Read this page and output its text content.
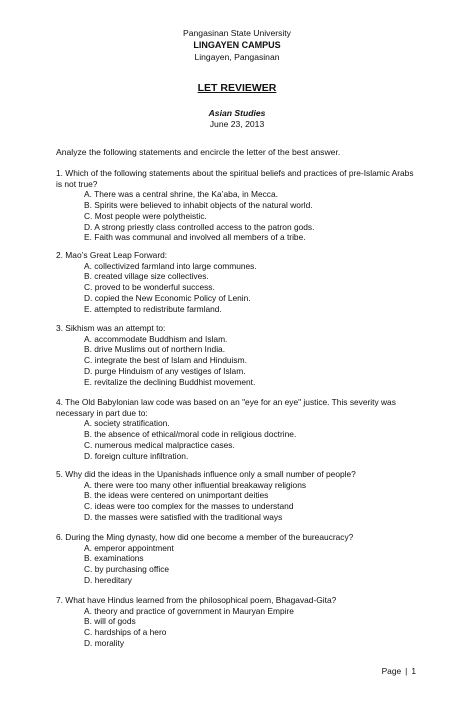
Pangasinan State University
LINGAYEN CAMPUS
Lingayen, Pangasinan
LET REVIEWER
Asian Studies
June 23, 2013
Analyze the following statements and encircle the letter of the best answer.

1. Which of the following statements about the spiritual beliefs and practices of pre-Islamic Arabs is not true?

A. There was a central shrine, the Ka’aba, in Mecca.
B. Spirits were believed to inhabit objects of the natural world.
C. Most people were polytheistic.
D. A strong priestly class controlled access to the patron gods.
E. Faith was communal and involved all members of a tribe.

2. Mao’s Great Leap Forward:

A. collectivized farmland into large communes.
B. created village size collectives.
C. proved to be wonderful success.
D. copied the New Economic Policy of Lenin.
E. attempted to redistribute farmland.

3. Sikhism was an attempt to:

A. accommodate Buddhism and Islam.
B. drive Muslims out of northern India.
C. integrate the best of Islam and Hinduism.
D. purge Hinduism of any vestiges of Islam.
E. revitalize the declining Buddhist movement.

4. The Old Babylonian law code was based on an "eye for an eye" justice. This severity was necessary in part due to:

A. society stratification.
B. the absence of ethical/moral code in religious doctrine.
C. numerous medical malpractice cases.
D. foreign culture infiltration.

5. Why did the ideas in the Upanishads influence only a small number of people?

A. there were too many other influential breakaway religions
B. the ideas were centered on unimportant deities
C. ideas were too complex for the masses to understand
D. the masses were satisfied with the traditional ways

6. During the Ming dynasty, how did one become a member of the bureaucracy?

A. emperor appointment
B. examinations
C. by purchasing office
D. hereditary

7. What have Hindus learned from the philosophical poem, Bhagavad-Gita?

A. theory and practice of government in Mauryan Empire
B. will of gods
C. hardships of a hero
D. morality
Page | 1
